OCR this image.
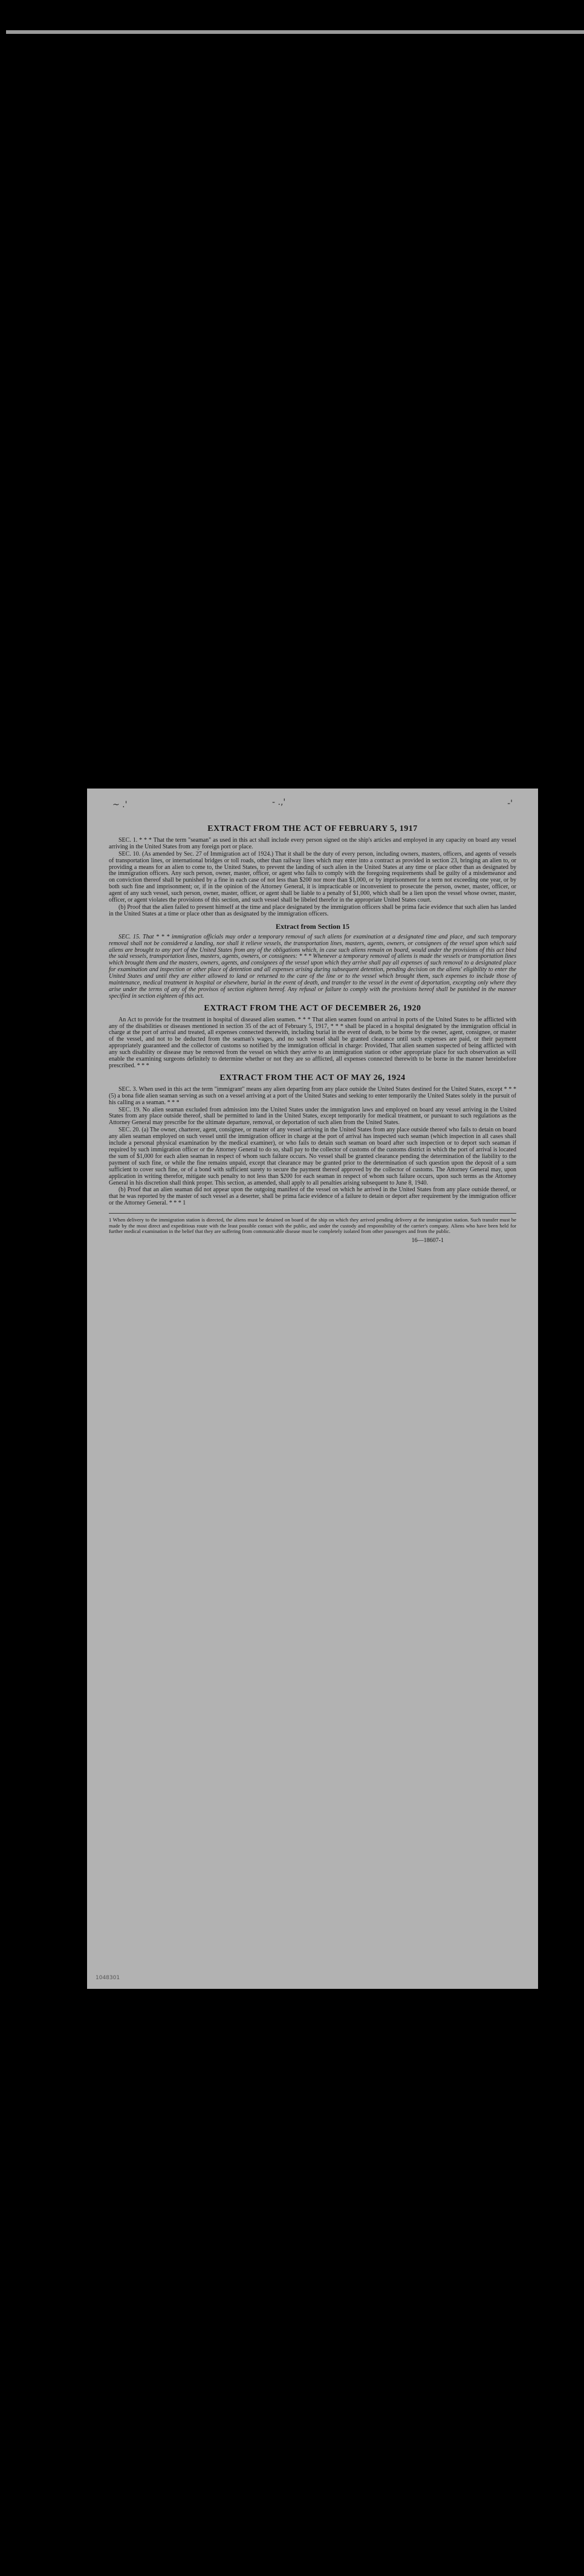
~ .'	- .,'	-'
EXTRACT FROM THE ACT OF FEBRUARY 5, 1917

SEC. 1. * * * That the term "seaman" as used in this act shall include every person signed on the ship's articles and employed in any capacity on board any vessel arriving in the United States from any foreign port or place.

SEC. 10. (As amended by Sec. 27 of Immigration act of 1924.) That it shall be the duty of every person, including owners, masters, officers, and agents of vessels of transportation lines, or international bridges or toll roads, other than railway lines which may enter into a contract as provided in section 23, bringing an alien to, or providing a means for an alien to come to, the United States, to prevent the landing of such alien in the United States at any time or place other than as designated by the immigration officers. Any such person, owner, master, officer, or agent who fails to comply with the foregoing requirements shall be guilty of a misdemeanor and on conviction thereof shall be punished by a fine in each case of not less than $200 nor more than $1,000, or by imprisonment for a term not exceeding one year, or by both such fine and imprisonment; or, if in the opinion of the Attorney General, it is impracticable or inconvenient to prosecute the person, owner, master, officer, or agent of any such vessel, such person, owner, master, officer, or agent shall be liable to a penalty of $1,000, which shall be a lien upon the vessel whose owner, master, officer, or agent violates the provisions of this section, and such vessel shall be libeled therefor in the appropriate United States court.

(b) Proof that the alien failed to present himself at the time and place designated by the immigration officers shall be prima facie evidence that such alien has landed in the United States at a time or place other than as designated by the immigration officers.

Extract from Section 15

SEC. 15. That * * * immigration officials may order a temporary removal of such aliens for examination at a designated time and place, and such temporary removal shall not be considered a landing, nor shall it relieve vessels, the transportation lines, masters, agents, owners, or consignees of the vessel upon which said aliens are brought to any port of the United States from any of the obligations which, in case such aliens remain on board, would under the provisions of this act bind the said vessels, transportation lines, masters, agents, owners, or consignees: * * * Whenever a temporary removal of aliens is made the vessels or transportation lines which brought them and the masters, owners, agents, and consignees of the vessel upon which they arrive shall pay all expenses of such removal to a designated place for examination and inspection or other place of detention and all expenses arising during subsequent detention, pending decision on the aliens' eligibility to enter the United States and until they are either allowed to land or returned to the care of the line or to the vessel which brought them, such expenses to include those of maintenance, medical treatment in hospital or elsewhere, burial in the event of death, and transfer to the vessel in the event of deportation, excepting only where they arise under the terms of any of the provisos of section eighteen hereof. Any refusal or failure to comply with the provisions hereof shall be punished in the manner specified in section eighteen of this act.

EXTRACT FROM THE ACT OF DECEMBER 26, 1920

An Act to provide for the treatment in hospital of diseased alien seamen. * * * That alien seamen found on arrival in ports of the United States to be afflicted with any of the disabilities or diseases mentioned in section 35 of the act of February 5, 1917, * * * shall be placed in a hospital designated by the immigration official in charge at the port of arrival and treated, all expenses connected therewith, including burial in the event of death, to be borne by the owner, agent, consignee, or master of the vessel, and not to be deducted from the seaman's wages, and no such vessel shall be granted clearance until such expenses are paid, or their payment appropriately guaranteed and the collector of customs so notified by the immigration official in charge: Provided, That alien seamen suspected of being afflicted with any such disability or disease may be removed from the vessel on which they arrive to an immigration station or other appropriate place for such observation as will enable the examining surgeons definitely to determine whether or not they are so afflicted, all expenses connected therewith to be borne in the manner hereinbefore prescribed. * * *

EXTRACT FROM THE ACT OF MAY 26, 1924

SEC. 3. When used in this act the term "immigrant" means any alien departing from any place outside the United States destined for the United States, except * * * (5) a bona fide alien seaman serving as such on a vessel arriving at a port of the United States and seeking to enter temporarily the United States solely in the pursuit of his calling as a seaman. * * *

SEC. 19. No alien seaman excluded from admission into the United States under the immigration laws and employed on board any vessel arriving in the United States from any place outside thereof, shall be permitted to land in the United States, except temporarily for medical treatment, or pursuant to such regulations as the Attorney General may prescribe for the ultimate departure, removal, or deportation of such alien from the United States.

SEC. 20. (a) The owner, charterer, agent, consignee, or master of any vessel arriving in the United States from any place outside thereof who fails to detain on board any alien seaman employed on such vessel until the immigration officer in charge at the port of arrival has inspected such seaman (which inspection in all cases shall include a personal physical examination by the medical examiner), or who fails to detain such seaman on board after such inspection or to deport such seaman if required by such immigration officer or the Attorney General to do so, shall pay to the collector of customs of the customs district in which the port of arrival is located the sum of $1,000 for each alien seaman in respect of whom such failure occurs. No vessel shall be granted clearance pending the determination of the liability to the payment of such fine, or while the fine remains unpaid, except that clearance may be granted prior to the determination of such question upon the deposit of a sum sufficient to cover such fine, or of a bond with sufficient surety to secure the payment thereof approved by the collector of customs. The Attorney General may, upon application in writing therefor, mitigate such penalty to not less than $200 for each seaman in respect of whom such failure occurs, upon such terms as the Attorney General in his discretion shall think proper. This section, as amended, shall apply to all penalties arising subsequent to June 8, 1940.

(b) Proof that an alien seaman did not appear upon the outgoing manifest of the vessel on which he arrived in the United States from any place outside thereof, or that he was reported by the master of such vessel as a deserter, shall be prima facie evidence of a failure to detain or deport after requirement by the immigration officer or the Attorney General. * * * 1

1 When delivery to the immigration station is directed, the aliens must be detained on board of the ship on which they arrived pending delivery at the immigration station. Such transfer must be made by the most direct and expeditious route with the least possible contact with the public, and under the custody and responsibility of the carrier's company. Aliens who have been held for further medical examination in the belief that they are suffering from communicable disease must be completely isolated from other passengers and from the public.

16—18607-1
1048301
